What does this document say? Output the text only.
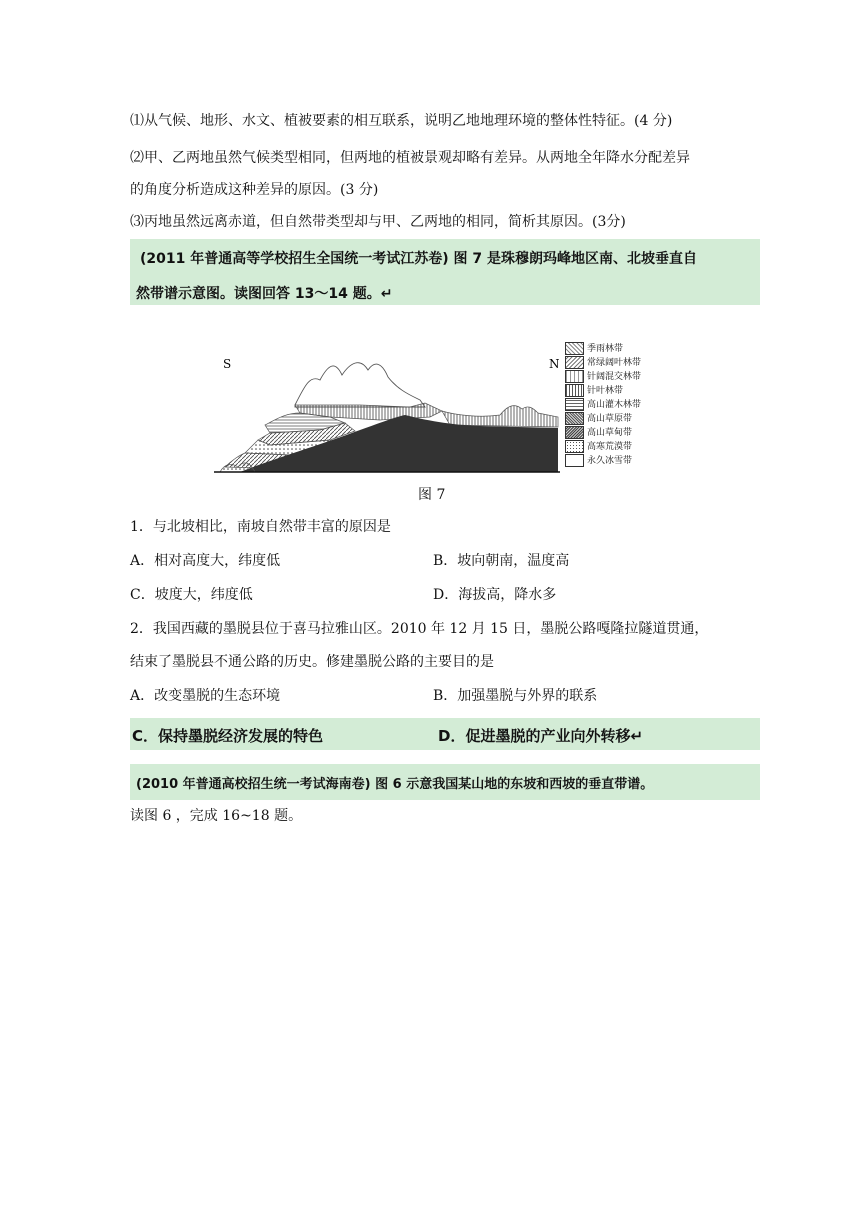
⑴从气候、地形、水文、植被要素的相互联系，说明乙地地理环境的整体性特征。(4 分)
⑵甲、乙两地虽然气候类型相同，但两地的植被景观却略有差异。从两地全年降水分配差异
的角度分析造成这种差异的原因。(3 分)
⑶丙地虽然远离赤道，但自然带类型却与甲、乙两地的相同，简析其原因。(3分)
(2011 年普通高等学校招生全国统一考试江苏卷) 图 7 是珠穆朗玛峰地区南、北坡垂直自
然带谱示意图。读图回答 13～14 题。↵
S	N
季雨林带
常绿阔叶林带
针阔混交林带
针叶林带
高山灌木林带
高山草原带
高山草甸带
高寒荒漠带
永久冰雪带
图 7
1．与北坡相比，南坡自然带丰富的原因是
A．相对高度大，纬度低	B．坡向朝南，温度高
C．坡度大，纬度低	D．海拔高，降水多
2．我国西藏的墨脱县位于喜马拉雅山区。2010 年 12 月 15 日，墨脱公路嘎隆拉隧道贯通，
结束了墨脱县不通公路的历史。修建墨脱公路的主要目的是
A．改变墨脱的生态环境	B．加强墨脱与外界的联系
C．保持墨脱经济发展的特色	D．促进墨脱的产业向外转移↵
(2010 年普通高校招生统一考试海南卷) 图 6 示意我国某山地的东坡和西坡的垂直带谱。
读图 6 ，完成 16~18 题。
